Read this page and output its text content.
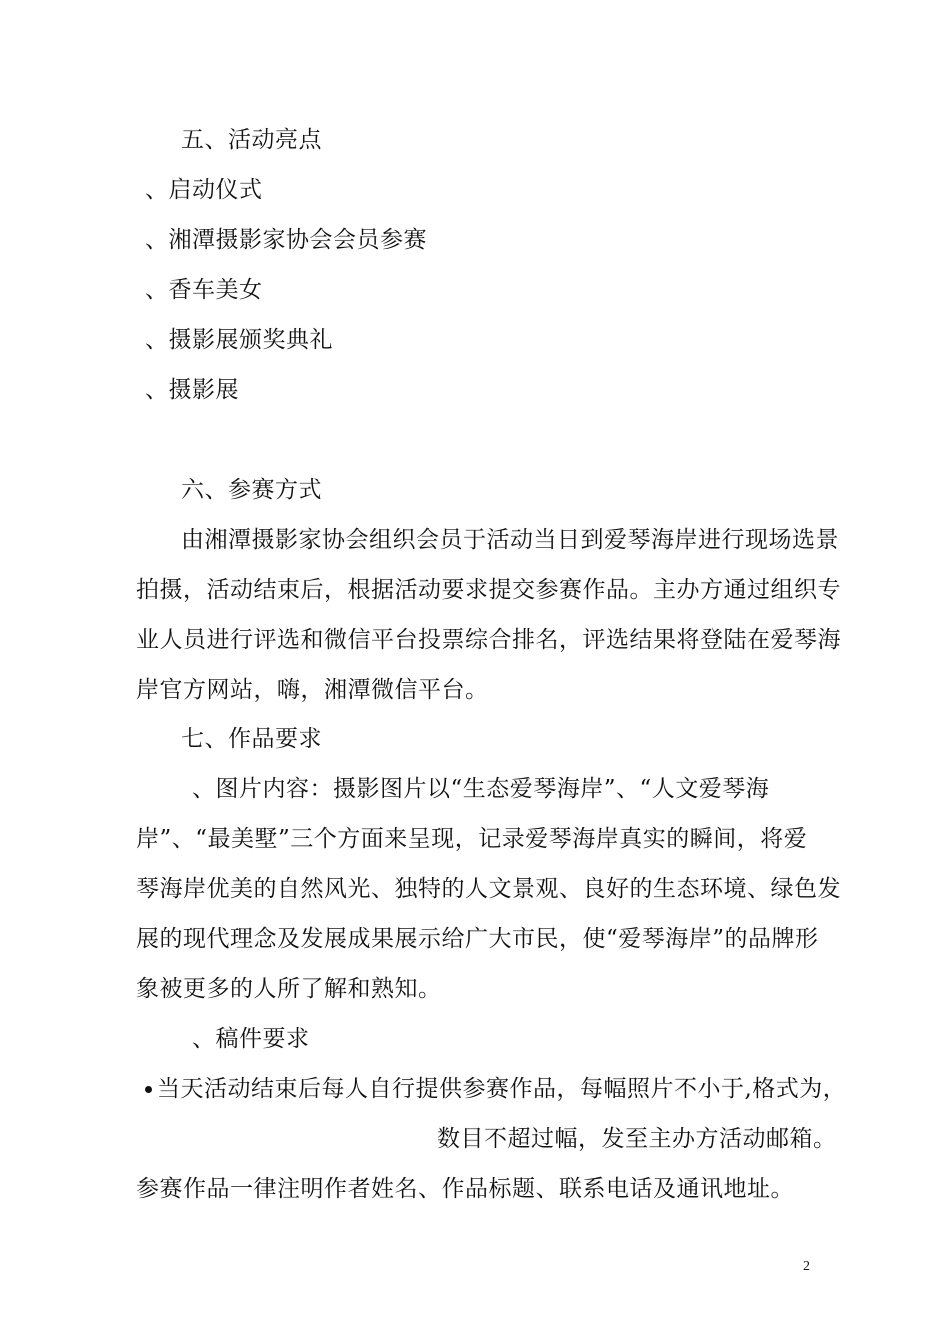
五、活动亮点

、启动仪式

、湘潭摄影家协会会员参赛

、香车美女

、摄影展颁奖典礼

、摄影展

六、参赛方式

由湘潭摄影家协会组织会员于活动当日到爱琴海岸进行现场选景

拍摄，活动结束后，根据活动要求提交参赛作品。主办方通过组织专

业人员进行评选和微信平台投票综合排名，评选结果将登陆在爱琴海

岸官方网站，嗨，湘潭微信平台。

七、作品要求

、图片内容：摄影图片以“生态爱琴海岸”、“人文爱琴海

岸”、“最美墅”三个方面来呈现，记录爱琴海岸真实的瞬间，将爱

琴海岸优美的自然风光、独特的人文景观、良好的生态环境、绿色发

展的现代理念及发展成果展示给广大市民，使“爱琴海岸”的品牌形

象被更多的人所了解和熟知。

、稿件要求

当天活动结束后每人自行提供参赛作品，每幅照片不小于,格式为，

数目不超过幅，发至主办方活动邮箱。

参赛作品一律注明作者姓名、作品标题、联系电话及通讯地址。

2
